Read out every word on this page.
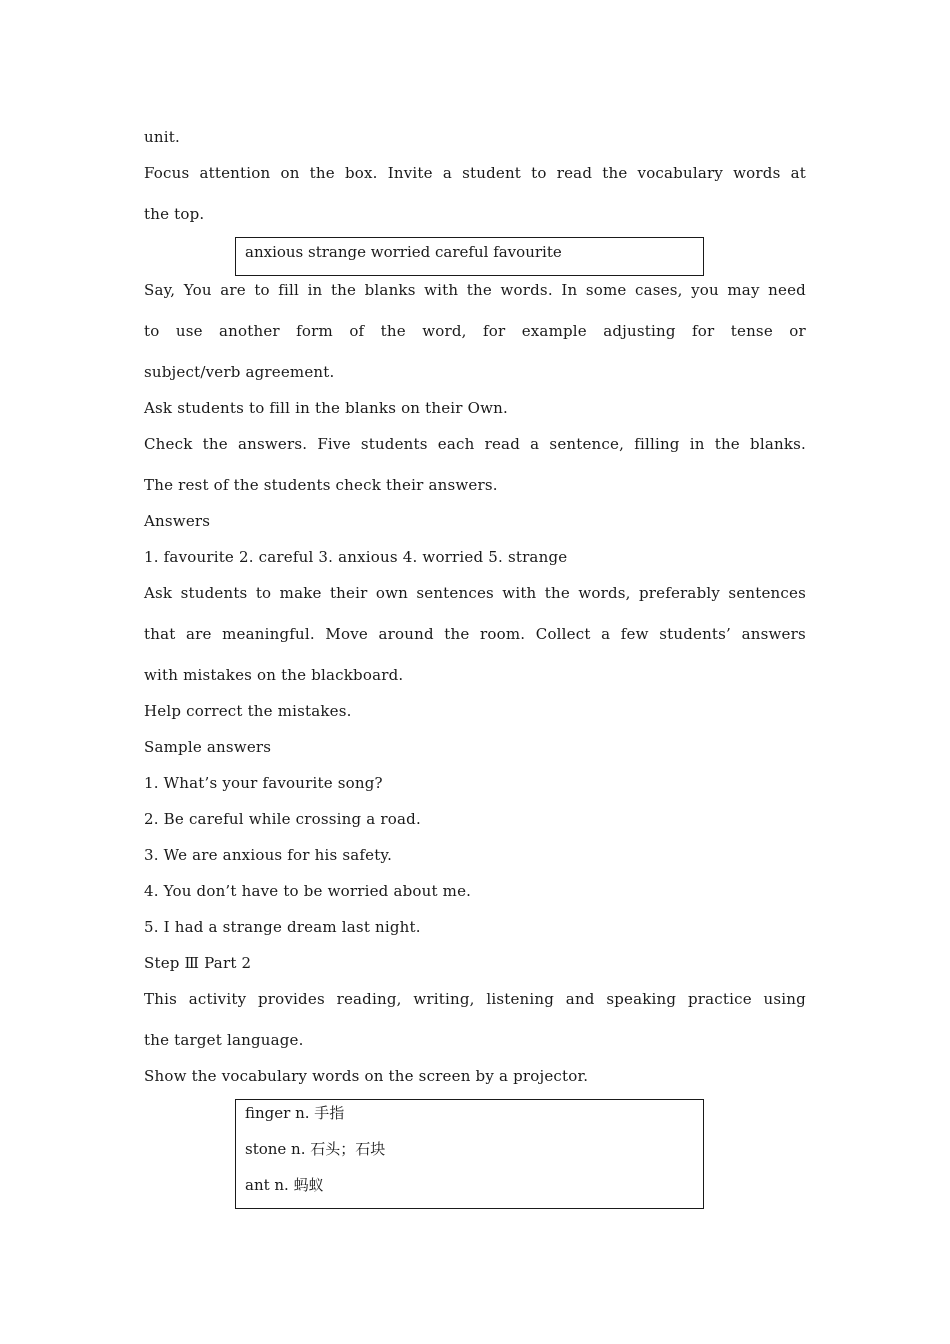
unit.

Focus attention on the box. Invite a student to read the vocabulary words at

the top.

anxious strange worried careful favourite

Say, You are to fill in the blanks with the words. In some cases, you may need

to use another form of the word, for example adjusting for tense or

subject/verb agreement.

Ask students to fill in the blanks on their Own.

Check the answers. Five students each read a sentence, filling in the blanks.

The rest of the students check their answers.

Answers

1. favourite 2. careful 3. anxious 4. worried 5. strange

Ask students to make their own sentences with the words, preferably sentences

that are meaningful. Move around the room. Collect a few students’ answers

with mistakes on the blackboard.

Help correct the mistakes.

Sample answers

1. What’s your favourite song?

2. Be careful while crossing a road.

3. We are anxious for his safety.

4. You don’t have to be worried about me.

5. I had a strange dream last night.

Step Ⅲ Part 2

This activity provides reading, writing, listening and speaking practice using

the target language.

Show the vocabulary words on the screen by a projector.

finger n. 手指
stone n. 石头；石块
ant n. 蚂蚁
